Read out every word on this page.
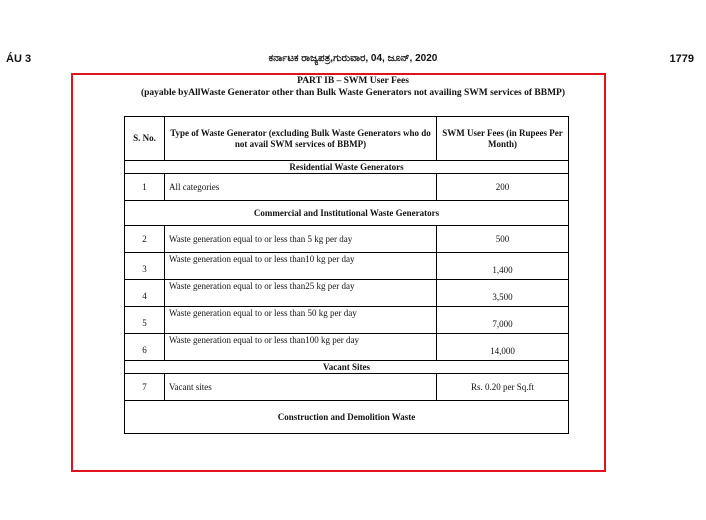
ÁU 3	ಕರ್ನಾಟಕ ರಾಜ್ಯಪತ್ರ,ಗುರುವಾರ, 04, ಜೂನ್, 2020	1779
PART IB – SWM User Fees
(payable byAllWaste Generator other than Bulk Waste Generators not availing SWM services of BBMP)
S. No.	Type of Waste Generator (excluding Bulk Waste Generators who do not avail SWM services of BBMP)	SWM User Fees (in Rupees Per Month)
Residential Waste Generators		
1	All categories	200
Commercial and Institutional Waste Generators		
2	Waste generation equal to or less than 5 kg per day	500
3	Waste generation equal to or less than10 kg per day	1,400
4	Waste generation equal to or less than25 kg per day	3,500
5	Waste generation equal to or less than 50 kg per day	7,000
6	Waste generation equal to or less than100 kg per day	14,000
Vacant Sites		
7	Vacant sites	Rs. 0.20 per Sq.ft
Construction and Demolition Waste		
